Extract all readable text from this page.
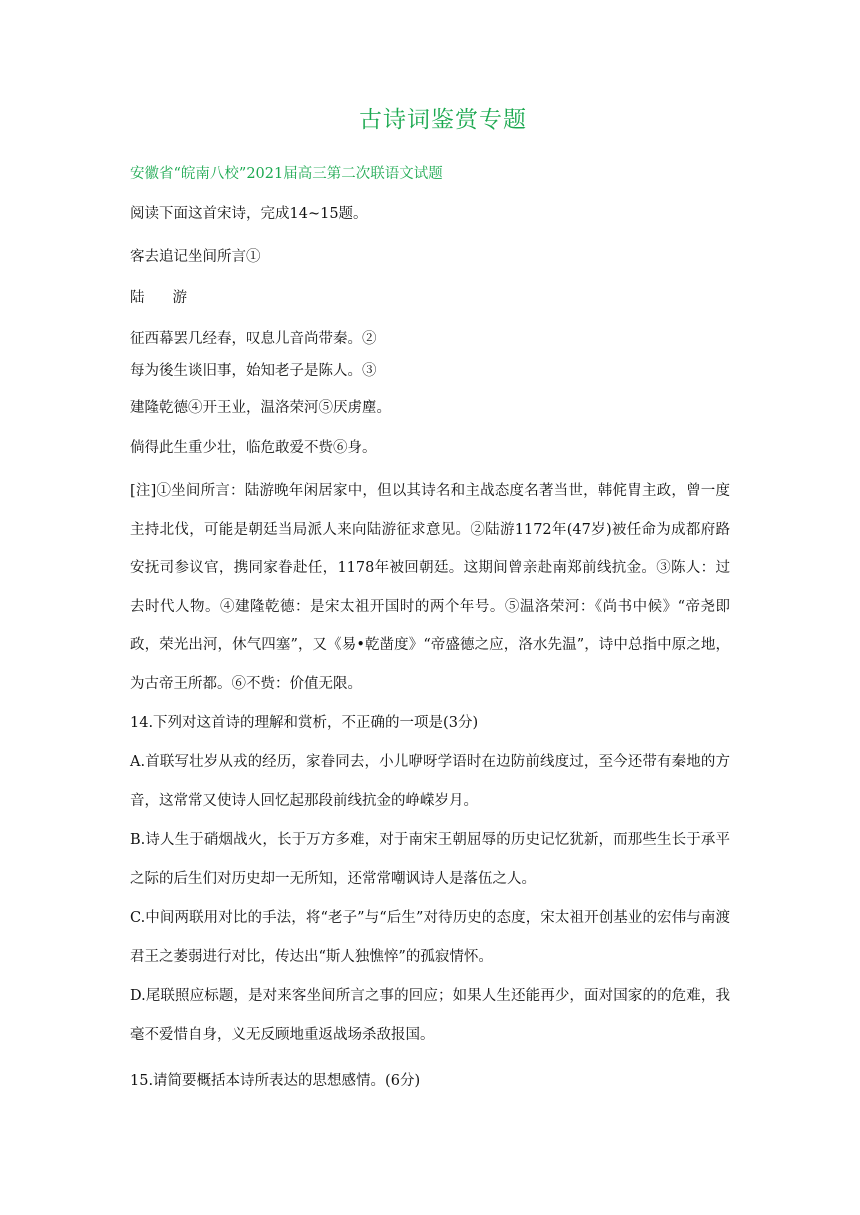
古诗词鉴赏专题
安徽省“皖南八校”2021届高三第二次联语文试题
阅读下面这首宋诗，完成14~15题。
客去追记坐间所言①
陆 游
征西幕罢几经春，叹息儿音尚带秦。②
每为後生谈旧事，始知老子是陈人。③
建隆乾德④开王业，温洛荣河⑤厌虏塵。
倘得此生重少壮，临危敢爱不赀⑥身。
[注]①坐间所言：陆游晚年闲居家中，但以其诗名和主战态度名著当世，韩侂胄主政，曾一度主持北伐，可能是朝廷当局派人来向陆游征求意见。②陆游1172年(47岁)被任命为成都府路安抚司参议官，携同家眷赴任，1178年被回朝廷。这期间曾亲赴南郑前线抗金。③陈人：过去时代人物。④建隆乾德：是宋太祖开国时的两个年号。⑤温洛荣河：《尚书中候》“帝尧即政，荣光出河，休气四塞”，又《易•乾凿度》“帝盛德之应，洛水先温”，诗中总指中原之地，为古帝王所都。⑥不赀：价值无限。
14.下列对这首诗的理解和赏析，不正确的一项是(3分)
A.首联写壮岁从戎的经历，家眷同去，小儿咿呀学语时在边防前线度过，至今还带有秦地的方音，这常常又使诗人回忆起那段前线抗金的峥嵘岁月。
B.诗人生于硝烟战火，长于万方多难，对于南宋王朝屈辱的历史记忆犹新，而那些生长于承平之际的后生们对历史却一无所知，还常常嘲讽诗人是落伍之人。
C.中间两联用对比的手法，将“老子”与“后生”对待历史的态度，宋太祖开创基业的宏伟与南渡君王之萎弱进行对比，传达出“斯人独憔悴”的孤寂情怀。
D.尾联照应标题，是对来客坐间所言之事的回应；如果人生还能再少，面对国家的的危难，我毫不爱惜自身，义无反顾地重返战场杀敌报国。
15.请简要概括本诗所表达的思想感情。(6分)
